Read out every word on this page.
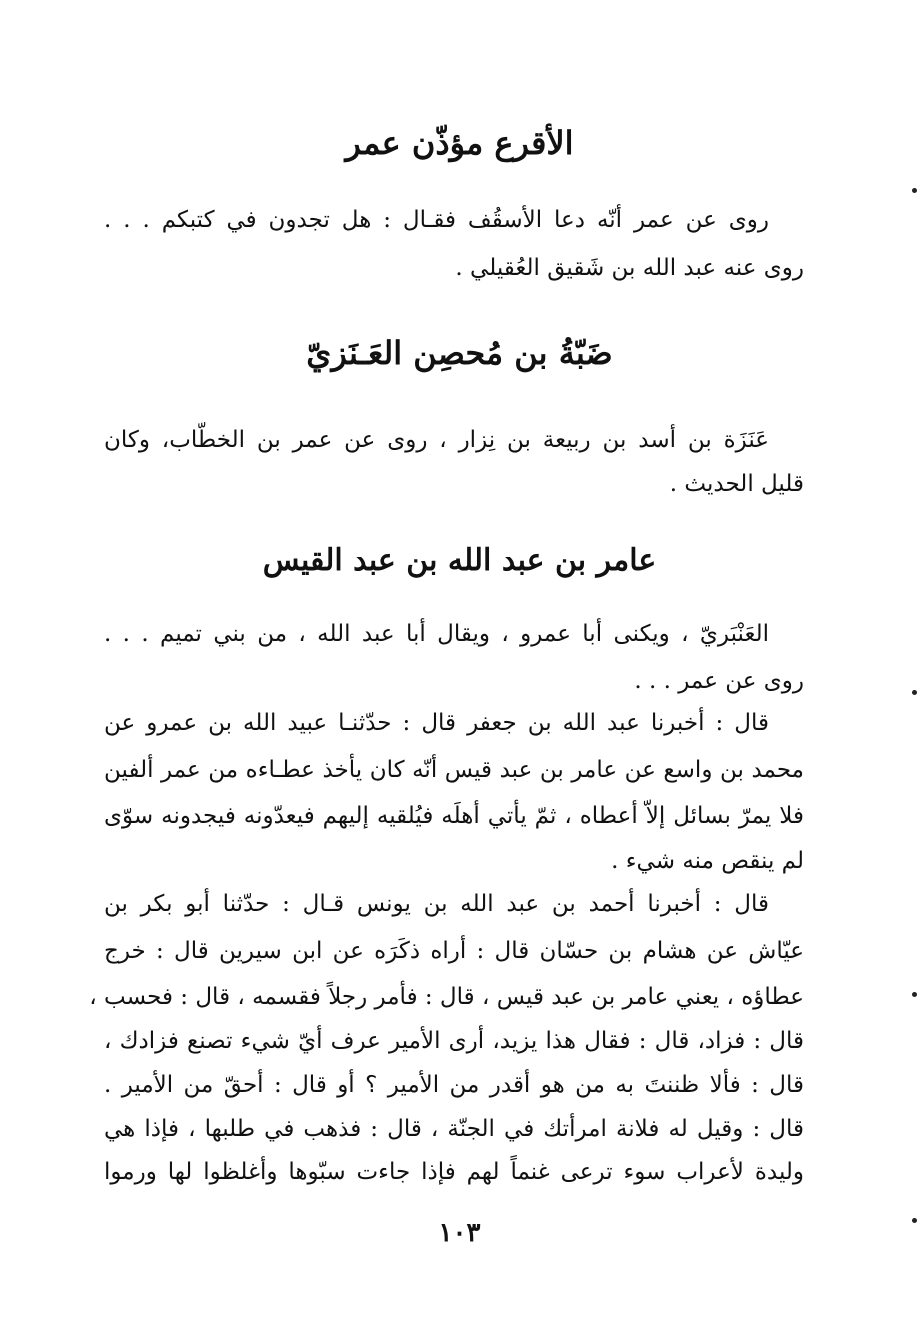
الأقرع مؤذّن عمر
روى عن عمر أنّه دعا الأسقُف فقـال : هل تجدون في كتبكم . . .
روى عنه عبد الله بن شَقيق العُقيلي .
ضَبّةُ بن مُحصِن العَـنَزيّ
عَنَزَة بن أسد بن ربيعة بن نِزار ، روى عن عمر بن الخطّاب، وكان
قليل الحديث .
عامر بن عبد الله بن عبد القيس
العَنْبَريّ ، ويكنى أبا عمرو ، ويقال أبا عبد الله ، من بني تميم . . .
روى عن عمر . . .
قال : أخبرنا عبد الله بن جعفر قال : حدّثنـا عبيد الله بن عمرو عن
محمد بن واسع عن عامر بن عبد قيس أنّه كان يأخذ عطـاءه من عمر ألفين
فلا يمرّ بسائل إلاّ أعطاه ، ثمّ يأتي أهلَه فيُلقيه إليهم فيعدّونه فيجدونه سوّى
لم ينقص منه شيء .
قال : أخبرنا أحمد بن عبد الله بن يونس قـال : حدّثنا أبو بكر بن
عيّاش عن هشام بن حسّان قال : أراه ذكَرَه عن ابن سيرين قال : خرج
عطاؤه ، يعني عامر بن عبد قيس ، قال : فأمر رجلاً فقسمه ، قال : فحسب ،
قال : فزاد، قال : فقال هذا يزيد، أرى الأمير عرف أيّ شيء تصنع فزادك ،
قال : فألا ظننتَ به من هو أقدر من الأمير ؟ أو قال : أحقّ من الأمير .
قال : وقيل له فلانة امرأتك في الجنّة ، قال : فذهب في طلبها ، فإذا هي
وليدة لأعراب سوء ترعى غنماً لهم فإذا جاءت سبّوها وأغلظوا لها ورموا
١٠٣
